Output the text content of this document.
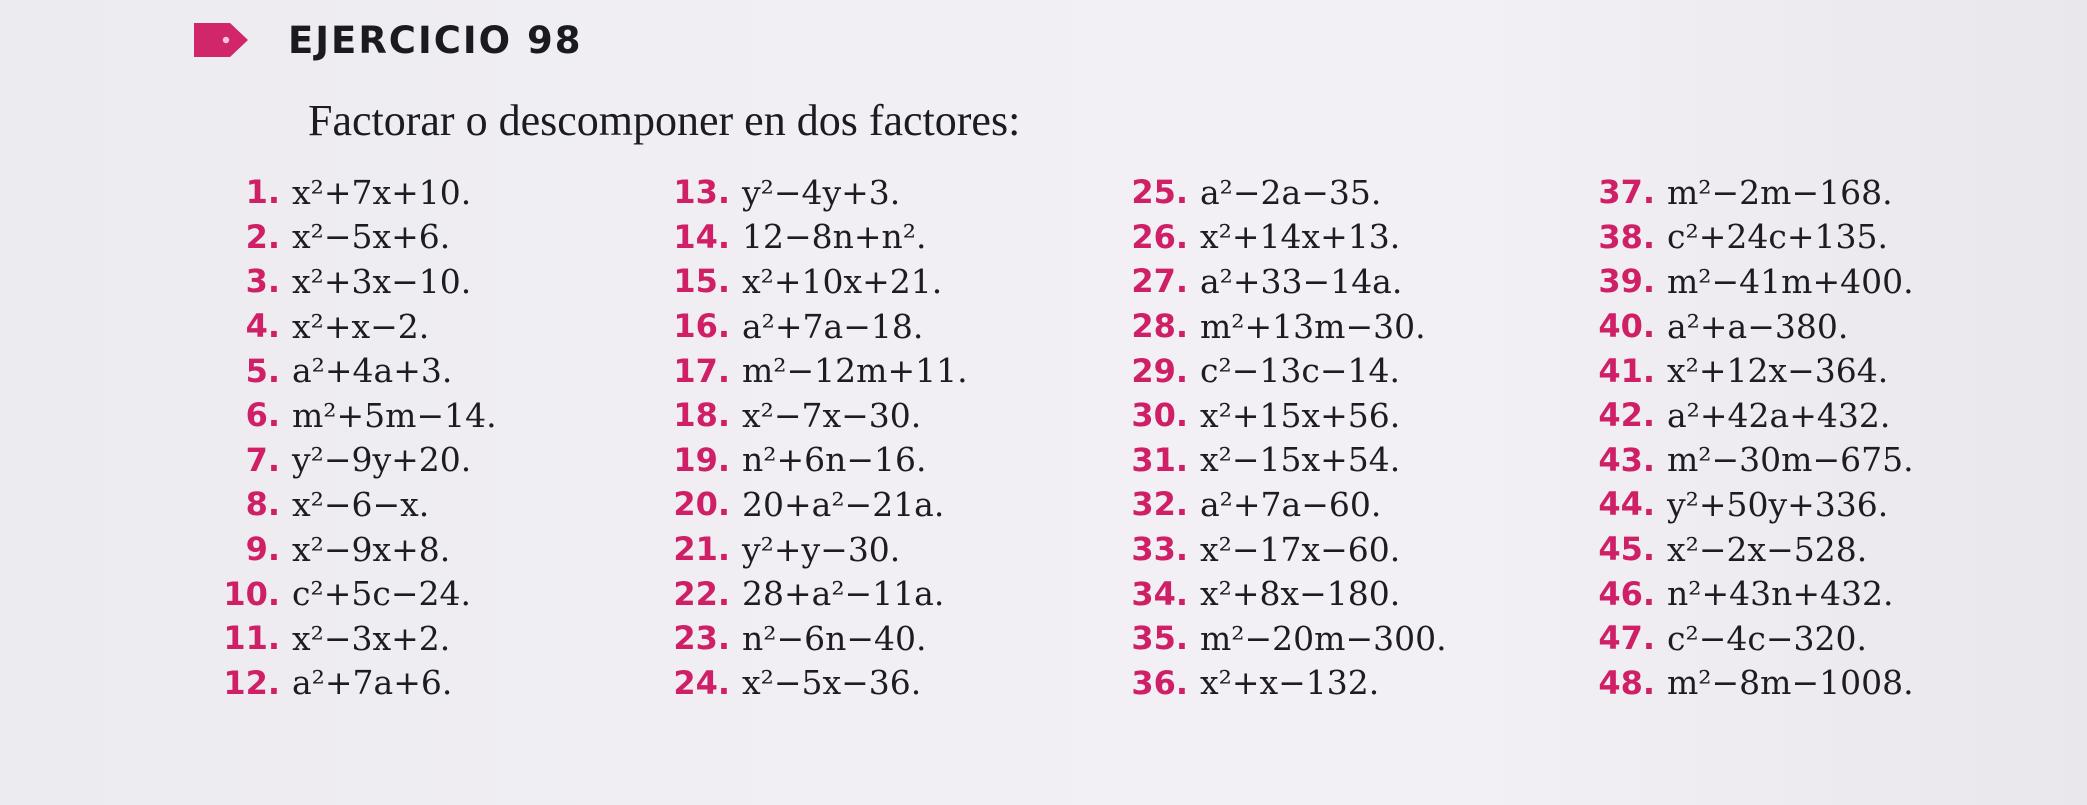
EJERCICIO 98
Factorar o descomponer en dos factores:
1. x²+7x+10.
2. x²−5x+6.
3. x²+3x−10.
4. x²+x−2.
5. a²+4a+3.
6. m²+5m−14.
7. y²−9y+20.
8. x²−6−x.
9. x²−9x+8.
10. c²+5c−24.
11. x²−3x+2.
12. a²+7a+6.
13. y²−4y+3.
14. 12−8n+n².
15. x²+10x+21.
16. a²+7a−18.
17. m²−12m+11.
18. x²−7x−30.
19. n²+6n−16.
20. 20+a²−21a.
21. y²+y−30.
22. 28+a²−11a.
23. n²−6n−40.
24. x²−5x−36.
25. a²−2a−35.
26. x²+14x+13.
27. a²+33−14a.
28. m²+13m−30.
29. c²−13c−14.
30. x²+15x+56.
31. x²−15x+54.
32. a²+7a−60.
33. x²−17x−60.
34. x²+8x−180.
35. m²−20m−300.
36. x²+x−132.
37. m²−2m−168.
38. c²+24c+135.
39. m²−41m+400.
40. a²+a−380.
41. x²+12x−364.
42. a²+42a+432.
43. m²−30m−675.
44. y²+50y+336.
45. x²−2x−528.
46. n²+43n+432.
47. c²−4c−320.
48. m²−8m−1008.
